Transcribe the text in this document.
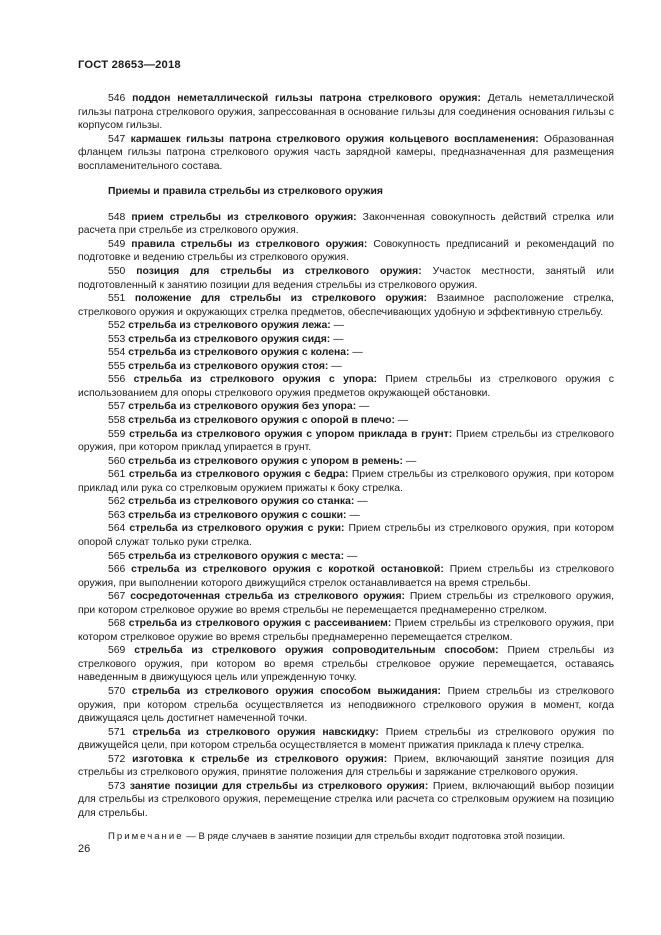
ГОСТ 28653—2018

546 поддон неметаллической гильзы патрона стрелкового оружия: Деталь неметаллической гильзы патрона стрелкового оружия, запрессованная в основание гильзы для соединения основания гильзы с корпусом гильзы.

547 кармашек гильзы патрона стрелкового оружия кольцевого воспламенения: Образованная фланцем гильзы патрона стрелкового оружия часть зарядной камеры, предназначенная для размещения воспламенительного состава.

Приемы и правила стрельбы из стрелкового оружия

548 прием стрельбы из стрелкового оружия: Законченная совокупность действий стрелка или расчета при стрельбе из стрелкового оружия.

549 правила стрельбы из стрелкового оружия: Совокупность предписаний и рекомендаций по подготовке и ведению стрельбы из стрелкового оружия.

550 позиция для стрельбы из стрелкового оружия: Участок местности, занятый или подготовленный к занятию позиции для ведения стрельбы из стрелкового оружия.

551 положение для стрельбы из стрелкового оружия: Взаимное расположение стрелка, стрелкового оружия и окружающих стрелка предметов, обеспечивающих удобную и эффективную стрельбу.

552 стрельба из стрелкового оружия лежа: —

553 стрельба из стрелкового оружия сидя: —

554 стрельба из стрелкового оружия с колена: —

555 стрельба из стрелкового оружия стоя: —

556 стрельба из стрелкового оружия с упора: Прием стрельбы из стрелкового оружия с использованием для опоры стрелкового оружия предметов окружающей обстановки.

557 стрельба из стрелкового оружия без упора: —

558 стрельба из стрелкового оружия с опорой в плечо: —

559 стрельба из стрелкового оружия с упором приклада в грунт: Прием стрельбы из стрелкового оружия, при котором приклад упирается в грунт.

560 стрельба из стрелкового оружия с упором в ремень: —

561 стрельба из стрелкового оружия с бедра: Прием стрельбы из стрелкового оружия, при котором приклад или рука со стрелковым оружием прижаты к боку стрелка.

562 стрельба из стрелкового оружия со станка: —

563 стрельба из стрелкового оружия с сошки: —

564 стрельба из стрелкового оружия с руки: Прием стрельбы из стрелкового оружия, при котором опорой служат только руки стрелка.

565 стрельба из стрелкового оружия с места: —

566 стрельба из стрелкового оружия с короткой остановкой: Прием стрельбы из стрелкового оружия, при выполнении которого движущийся стрелок останавливается на время стрельбы.

567 сосредоточенная стрельба из стрелкового оружия: Прием стрельбы из стрелкового оружия, при котором стрелковое оружие во время стрельбы не перемещается преднамеренно стрелком.

568 стрельба из стрелкового оружия с рассеиванием: Прием стрельбы из стрелкового оружия, при котором стрелковое оружие во время стрельбы преднамеренно перемещается стрелком.

569 стрельба из стрелкового оружия сопроводительным способом: Прием стрельбы из стрелкового оружия, при котором во время стрельбы стрелковое оружие перемещается, оставаясь наведенным в движущуюся цель или упрежденную точку.

570 стрельба из стрелкового оружия способом выжидания: Прием стрельбы из стрелкового оружия, при котором стрельба осуществляется из неподвижного стрелкового оружия в момент, когда движущаяся цель достигнет намеченной точки.

571 стрельба из стрелкового оружия навскидку: Прием стрельбы из стрелкового оружия по движущейся цели, при котором стрельба осуществляется в момент прижатия приклада к плечу стрелка.

572 изготовка к стрельбе из стрелкового оружия: Прием, включающий занятие позиция для стрельбы из стрелкового оружия, принятие положения для стрельбы и заряжание стрелкового оружия.

573 занятие позиции для стрельбы из стрелкового оружия: Прием, включающий выбор позиции для стрельбы из стрелкового оружия, перемещение стрелка или расчета со стрелковым оружием на позицию для стрельбы.

Примечание — В ряде случаев в занятие позиции для стрельбы входит подготовка этой позиции.
26
